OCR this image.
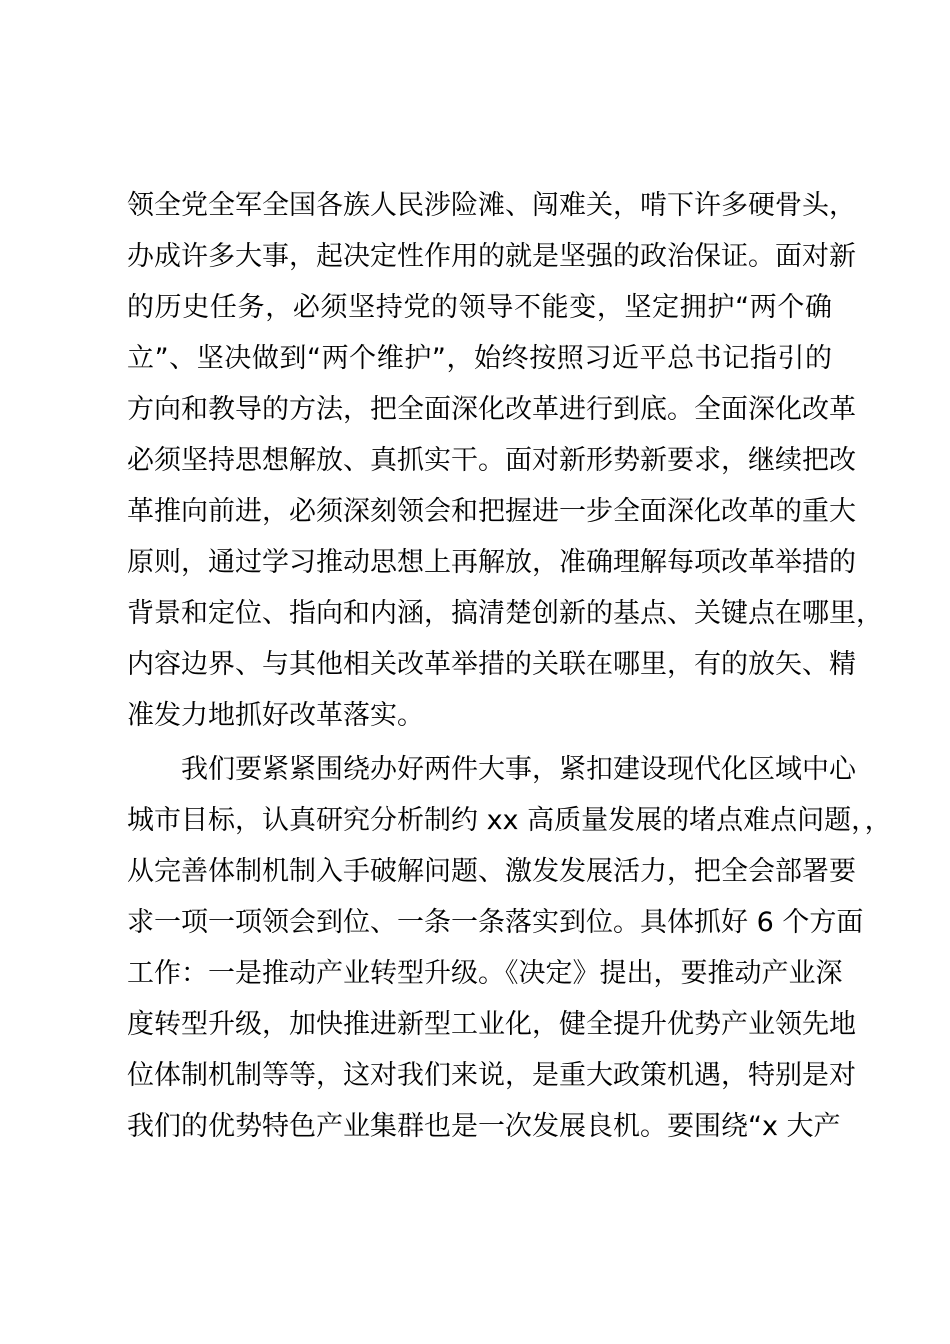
领全党全军全国各族人民涉险滩、闯难关，啃下许多硬骨头，
办成许多大事，起决定性作用的就是坚强的政治保证。面对新
的历史任务，必须坚持党的领导不能变，坚定拥护“两个确
立”、坚决做到“两个维护”，始终按照习近平总书记指引的
方向和教导的方法，把全面深化改革进行到底。全面深化改革
必须坚持思想解放、真抓实干。面对新形势新要求，继续把改
革推向前进，必须深刻领会和把握进一步全面深化改革的重大
原则，通过学习推动思想上再解放，准确理解每项改革举措的
背景和定位、指向和内涵，搞清楚创新的基点、关键点在哪里，
内容边界、与其他相关改革举措的关联在哪里，有的放矢、精
准发力地抓好改革落实。
　　我们要紧紧围绕办好两件大事，紧扣建设现代化区域中心
城市目标，认真研究分析制约 xx 高质量发展的堵点难点问题，，
从完善体制机制入手破解问题、激发发展活力，把全会部署要
求一项一项领会到位、一条一条落实到位。具体抓好 6 个方面
工作：一是推动产业转型升级。《决定》提出，要推动产业深
度转型升级，加快推进新型工业化，健全提升优势产业领先地
位体制机制等等，这对我们来说，是重大政策机遇，特别是对
我们的优势特色产业集群也是一次发展良机。要围绕“x 大产
